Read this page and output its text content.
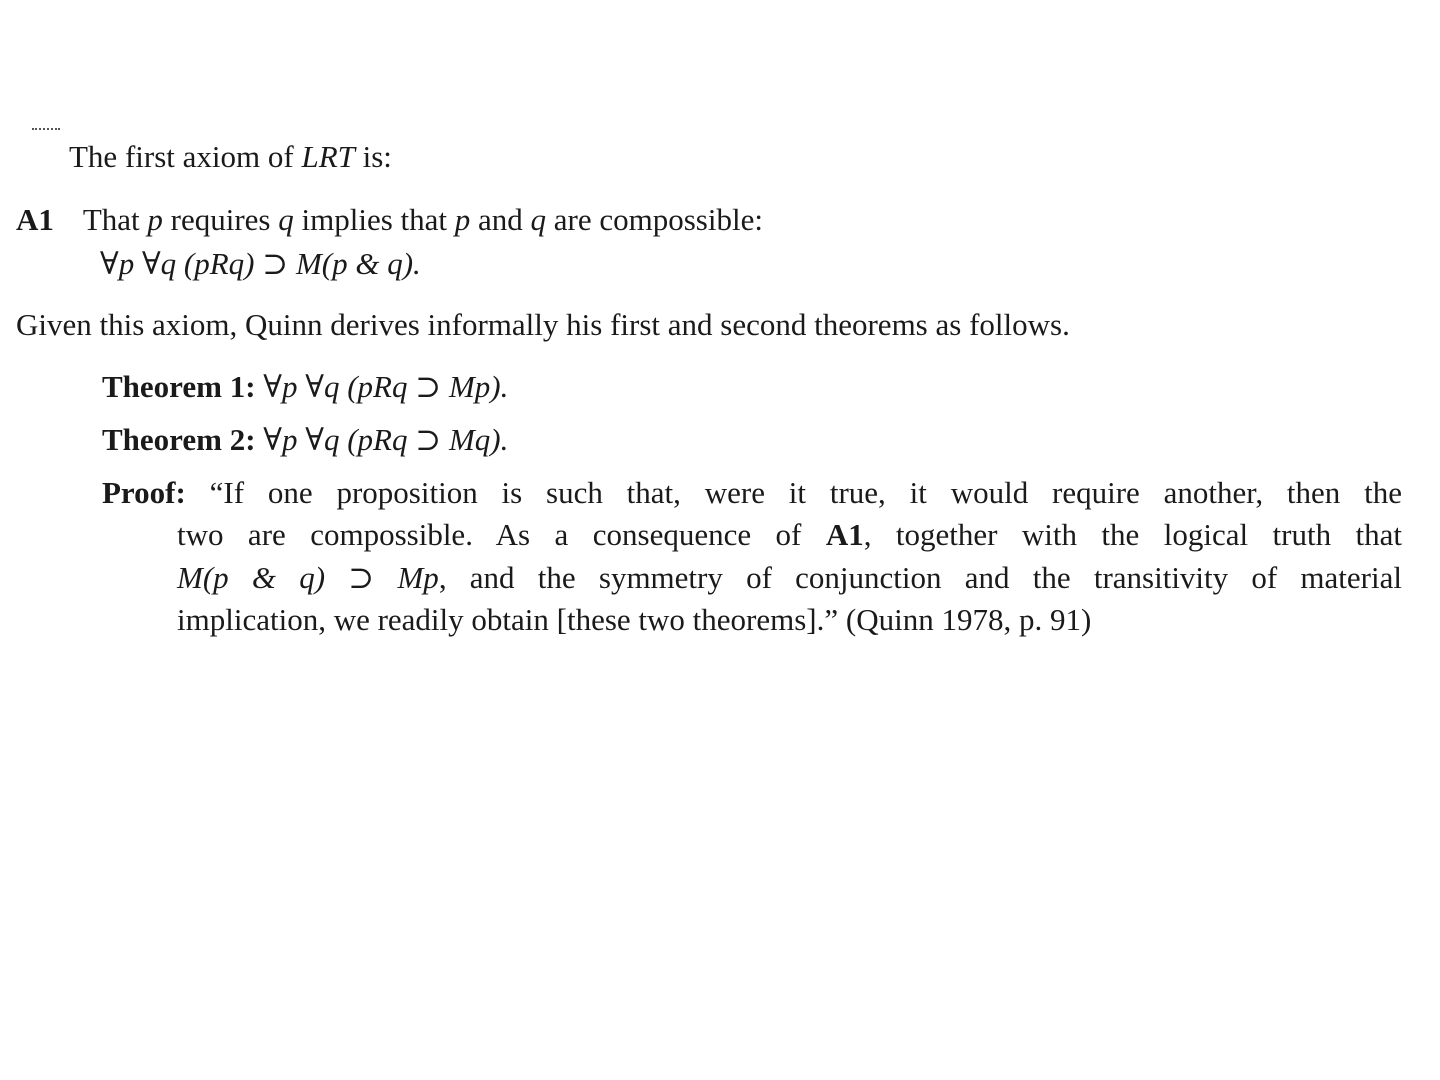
The first axiom of LRT is:
A1 That p requires q implies that p and q are compossible:
∀p ∀q (pRq) ⊃ M(p & q).
Given this axiom, Quinn derives informally his first and second theorems as follows.
Theorem 1: ∀p ∀q (pRq ⊃ Mp).
Theorem 2: ∀p ∀q (pRq ⊃ Mq).
Proof: “If one proposition is such that, were it true, it would require another, then the
two are compossible. As a consequence of A1, together with the logical truth that
M(p & q) ⊃ Mp, and the symmetry of conjunction and the transitivity of material
implication, we readily obtain [these two theorems].” (Quinn 1978, p. 91)
